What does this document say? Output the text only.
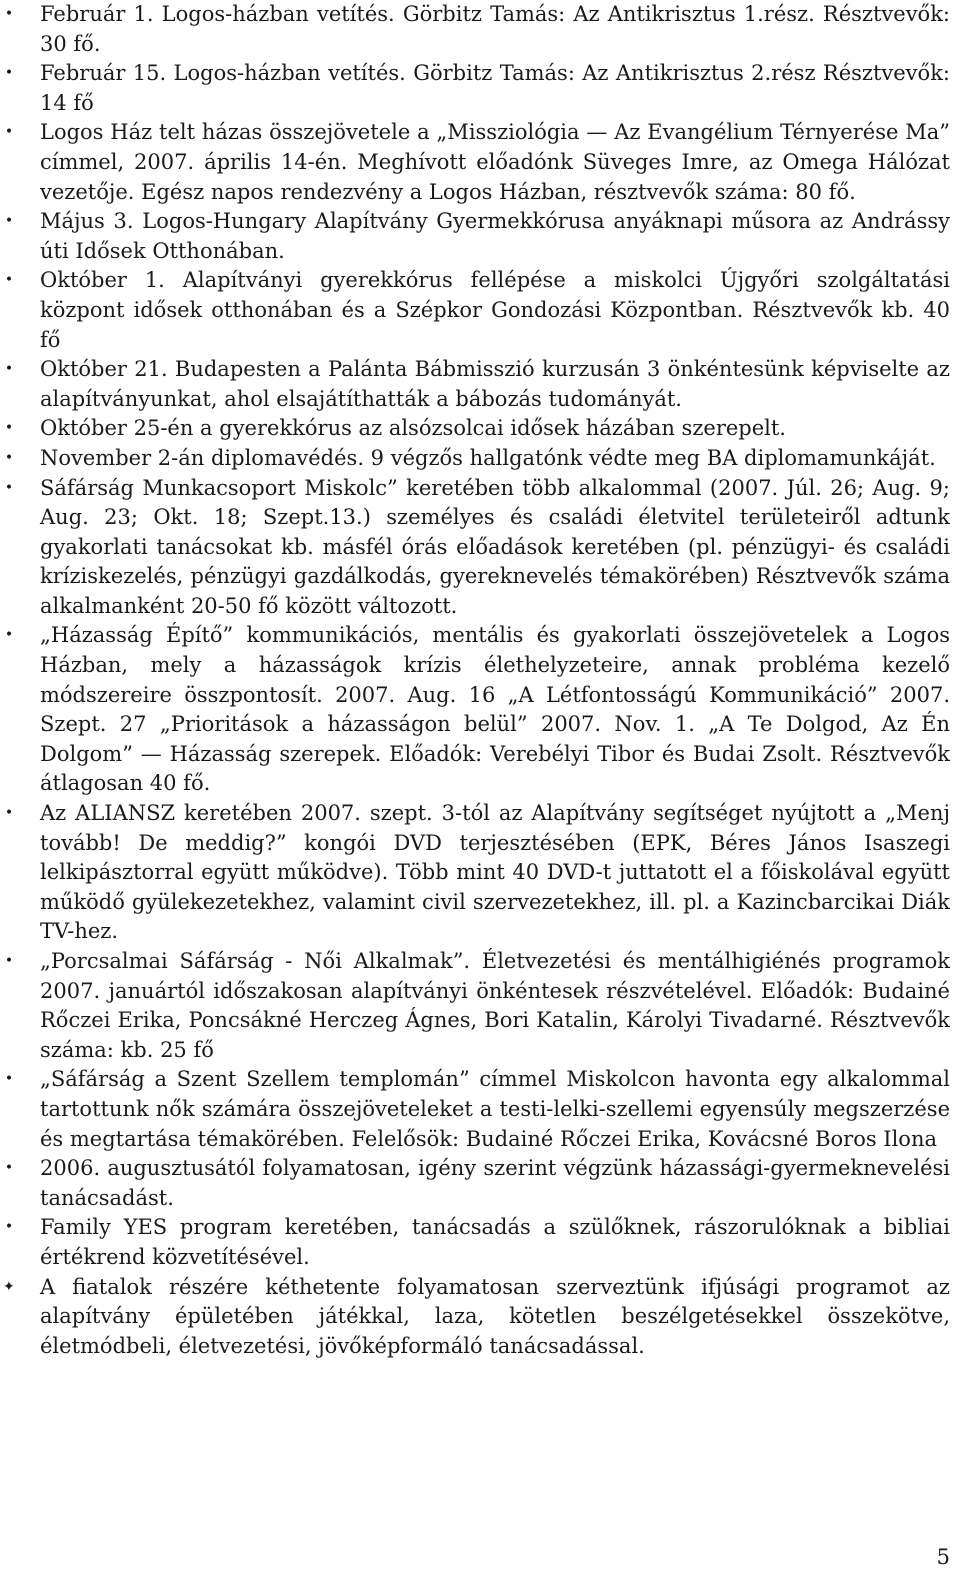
• Február 1. Logos-házban vetítés. Görbitz Tamás: Az Antikrisztus 1.rész. Résztvevők: 30 fő.
• Február 15. Logos-házban vetítés. Görbitz Tamás: Az Antikrisztus 2.rész Résztvevők: 14 fő
• Logos Ház telt házas összejövetele a „Missziológia — Az Evangélium Térnyerése Ma” címmel, 2007. április 14-én. Meghívott előadónk Süveges Imre, az Omega Hálózat vezetője. Egész napos rendezvény a Logos Házban, résztvevők száma: 80 fő.
• Május 3. Logos-Hungary Alapítvány Gyermekkórusa anyáknapi műsora az Andrássy úti Idősek Otthonában.
• Október 1. Alapítványi gyerekkórus fellépése a miskolci Újgyőri szolgáltatási központ idősek otthonában és a Szépkor Gondozási Központban. Résztvevők kb. 40 fő
• Október 21. Budapesten a Palánta Bábmisszió kurzusán 3 önkéntesünk képviselte az alapítványunkat, ahol elsajátíthatták a bábozás tudományát.
• Október 25-én a gyerekkórus az alsózsolcai idősek házában szerepelt.
• November 2-án diplomavédés. 9 végzős hallgatónk védte meg BA diplomamunkáját.
• Sáfárság Munkacsoport Miskolc” keretében több alkalommal (2007. Júl. 26; Aug. 9; Aug. 23; Okt. 18; Szept.13.) személyes és családi életvitel területeiről adtunk gyakorlati tanácsokat kb. másfél órás előadások keretében (pl. pénzügyi- és családi kríziskezelés, pénzügyi gazdálkodás, gyereknevelés témakörében) Résztvevők száma alkalmanként 20-50 fő között változott.
• „Házasság Építő” kommunikációs, mentális és gyakorlati összejövetelek a Logos Házban, mely a házasságok krízis élethelyzeteire, annak probléma kezelő módszereire összpontosít. 2007. Aug. 16 „A Létfontosságú Kommunikáció” 2007. Szept. 27 „Prioritások a házasságon belül” 2007. Nov. 1. „A Te Dolgod, Az Én Dolgom” — Házasság szerepek. Előadók: Verebélyi Tibor és Budai Zsolt. Résztvevők átlagosan 40 fő.
• Az ALIANSZ keretében 2007. szept. 3-tól az Alapítvány segítséget nyújtott a „Menj tovább! De meddig?” kongói DVD terjesztésében (EPK, Béres János Isaszegi lelkipásztorral együtt működve). Több mint 40 DVD-t juttatott el a főiskolával együtt működő gyülekezetekhez, valamint civil szervezetekhez, ill. pl. a Kazincbarcikai Diák TV-hez.
• „Porcsalmai Sáfárság - Női Alkalmak”. Életvezetési és mentálhigiénés programok 2007. januártól időszakosan alapítványi önkéntesek részvételével. Előadók: Budainé Rőczei Erika, Poncsákné Herczeg Ágnes, Bori Katalin, Károlyi Tivadarné. Résztvevők száma: kb. 25 fő
• „Sáfárság a Szent Szellem templomán” címmel Miskolcon havonta egy alkalommal tartottunk nők számára összejöveteleket a testi-lelki-szellemi egyensúly megszerzése és megtartása témakörében. Felelősök: Budainé Rőczei Erika, Kovácsné Boros Ilona
• 2006. augusztusától folyamatosan, igény szerint végzünk házassági-gyermeknevelési tanácsadást.
• Family YES program keretében, tanácsadás a szülőknek, rászorulóknak a bibliai értékrend közvetítésével.
✦ A fiatalok részére kéthetente folyamatosan szerveztünk ifjúsági programot az alapítvány épületében játékkal, laza, kötetlen beszélgetésekkel összekötve, életmódbeli, életvezetési, jövőképformáló tanácsadással.
5
